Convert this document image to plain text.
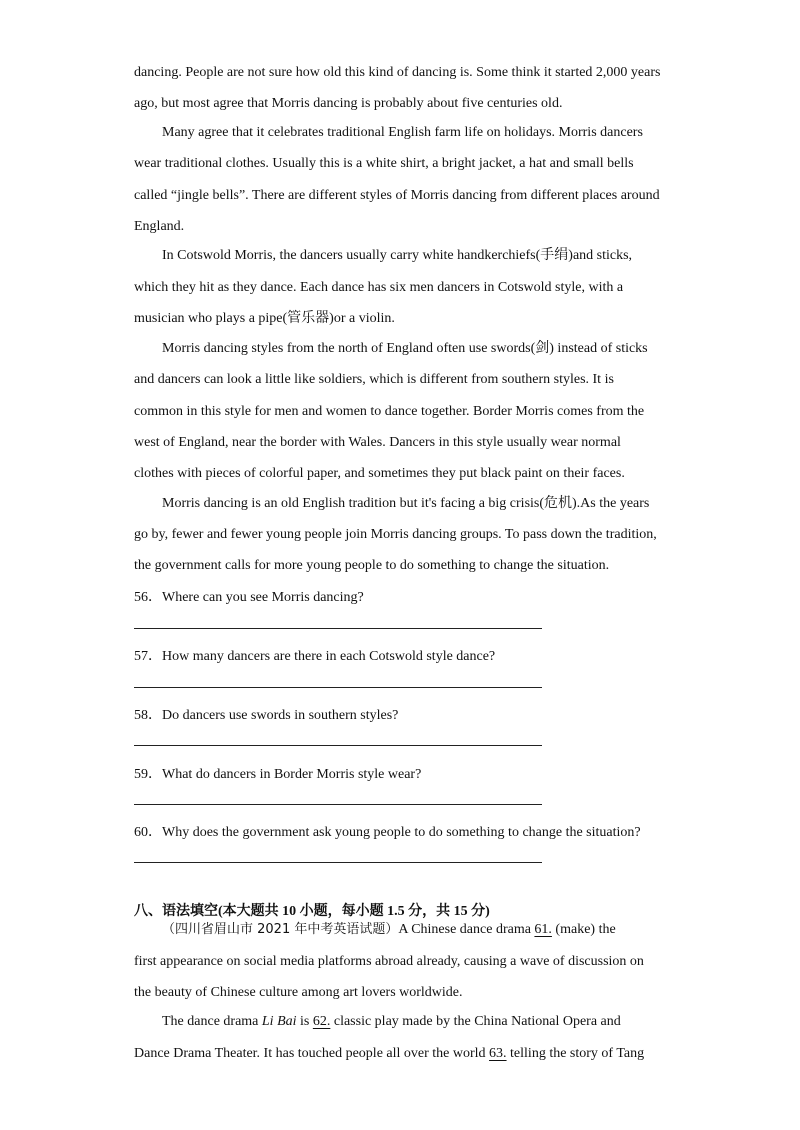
dancing. People are not sure how old this kind of dancing is. Some think it started 2,000 years
ago, but most agree that Morris dancing is probably about five centuries old.
Many agree that it celebrates traditional English farm life on holidays. Morris dancers
wear traditional clothes. Usually this is a white shirt, a bright jacket, a hat and small bells
called “jingle bells”. There are different styles of Morris dancing from different places around
England.
In Cotswold Morris, the dancers usually carry white handkerchiefs(手绢)and sticks,
which they hit as they dance. Each dance has six men dancers in Cotswold style, with a
musician who plays a pipe(管乐器)or a violin.
Morris dancing styles from the north of England often use swords(剑) instead of sticks
and dancers can look a little like soldiers, which is different from southern styles. It is
common in this style for men and women to dance together. Border Morris comes from the
west of England, near the border with Wales. Dancers in this style usually wear normal
clothes with pieces of colorful paper, and sometimes they put black paint on their faces.
Morris dancing is an old English tradition but it's facing a big crisis(危机).As the years
go by, fewer and fewer young people join Morris dancing groups. To pass down the tradition,
the government calls for more young people to do something to change the situation.
56．Where can you see Morris dancing?
57．How many dancers are there in each Cotswold style dance?
58．Do dancers use swords in southern styles?
59．What do dancers in Border Morris style wear?
60．Why does the government ask young people to do something to change the situation?
八、语法填空(本大题共 10 小题，每小题 1.5 分，共 15 分)
（四川省眉山市 2021 年中考英语试题）A Chinese dance drama 61. (make) the
first appearance on social media platforms abroad already, causing a wave of discussion on
the beauty of Chinese culture among art lovers worldwide.
The dance drama Li Bai is 62. classic play made by the China National Opera and
Dance Drama Theater. It has touched people all over the world 63. telling the story of Tang
